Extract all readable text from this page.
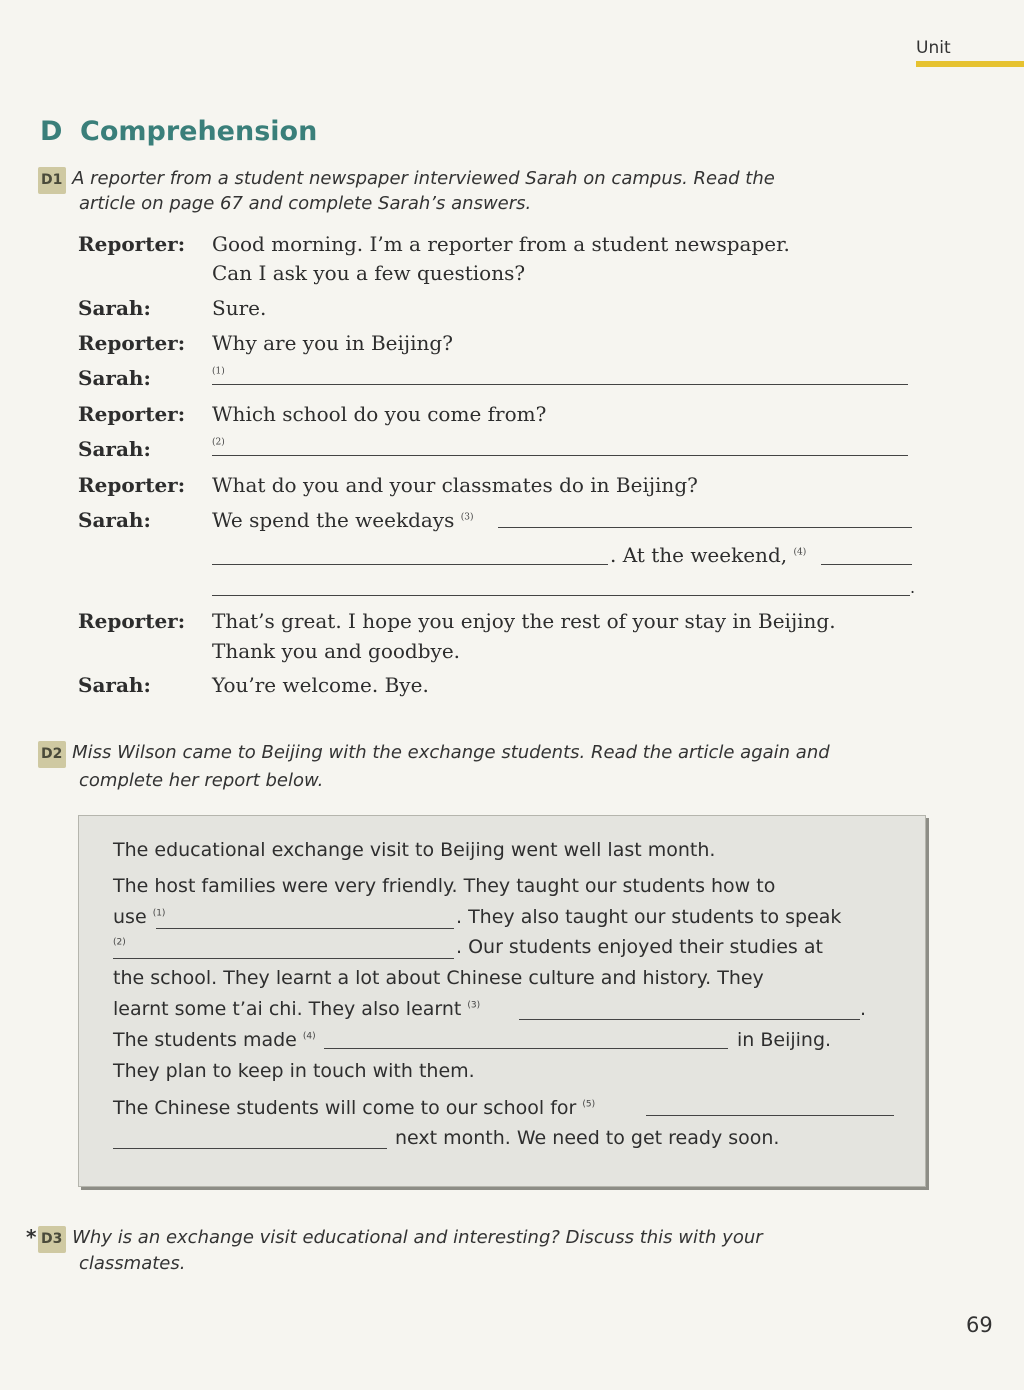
Unit
D Comprehension
D1 A reporter from a student newspaper interviewed Sarah on campus. Read the
article on page 67 and complete Sarah’s answers.
Reporter: Good morning. I’m a reporter from a student newspaper.
Can I ask you a few questions?
Sarah:	Sure.
Reporter: Why are you in Beijing?
Sarah:	$^{(1)}$
Reporter: Which school do you come from?
Sarah:	$^{(2)}$
Reporter: What do you and your classmates do in Beijing?
Sarah:	We spend the weekdays $^{(3)}$
. At the weekend, $^{(4)}$
.
Reporter: That’s great. I hope you enjoy the rest of your stay in Beijing.
Thank you and goodbye.
Sarah:	You’re welcome. Bye.
D2 Miss Wilson came to Beijing with the exchange students. Read the article again and
complete her report below.
The educational exchange visit to Beijing went well last month.
The host families were very friendly. They taught our students how to
use $^{(1)}$	. They also taught our students to speak
$^{(2)}$	. Our students enjoyed their studies at
the school. They learnt a lot about Chinese culture and history. They
learnt some t’ai chi. They also learnt $^{(3)}$	.
The students made $^{(4)}$	in Beijing.
They plan to keep in touch with them.
The Chinese students will come to our school for $^{(5)}$
next month. We need to get ready soon.
* D3 Why is an exchange visit educational and interesting? Discuss this with your
classmates.
69
